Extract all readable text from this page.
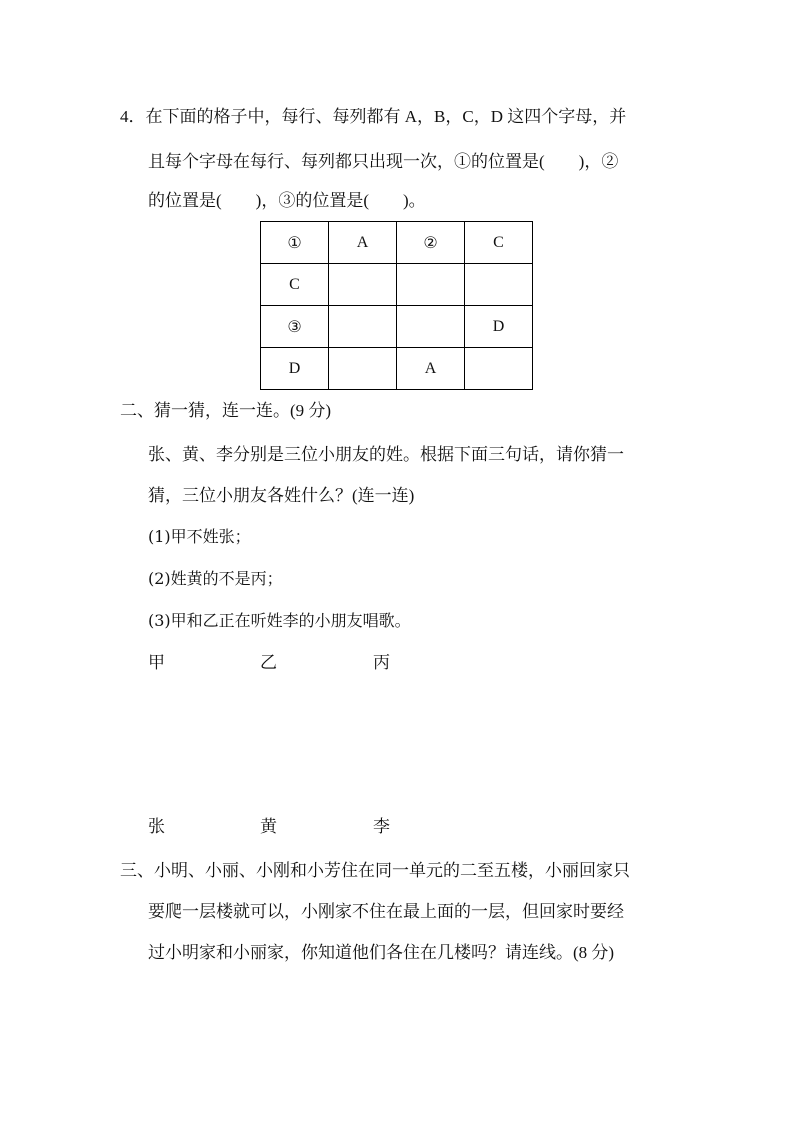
4．在下面的格子中，每行、每列都有 A，B，C，D 这四个字母，并
且每个字母在每行、每列都只出现一次，①的位置是(　　)，②
的位置是(　　)，③的位置是(　　)。
①	A	②	C
C			
③			D
D		A	
二、猜一猜，连一连。(9 分)
张、黄、李分别是三位小朋友的姓。根据下面三句话，请你猜一
猜，三位小朋友各姓什么？(连一连)
(1)甲不姓张；
(2)姓黄的不是丙；
(3)甲和乙正在听姓李的小朋友唱歌。
甲	乙	丙
张	黄	李
三、小明、小丽、小刚和小芳住在同一单元的二至五楼，小丽回家只
要爬一层楼就可以，小刚家不住在最上面的一层，但回家时要经
过小明家和小丽家，你知道他们各住在几楼吗？请连线。(8 分)
